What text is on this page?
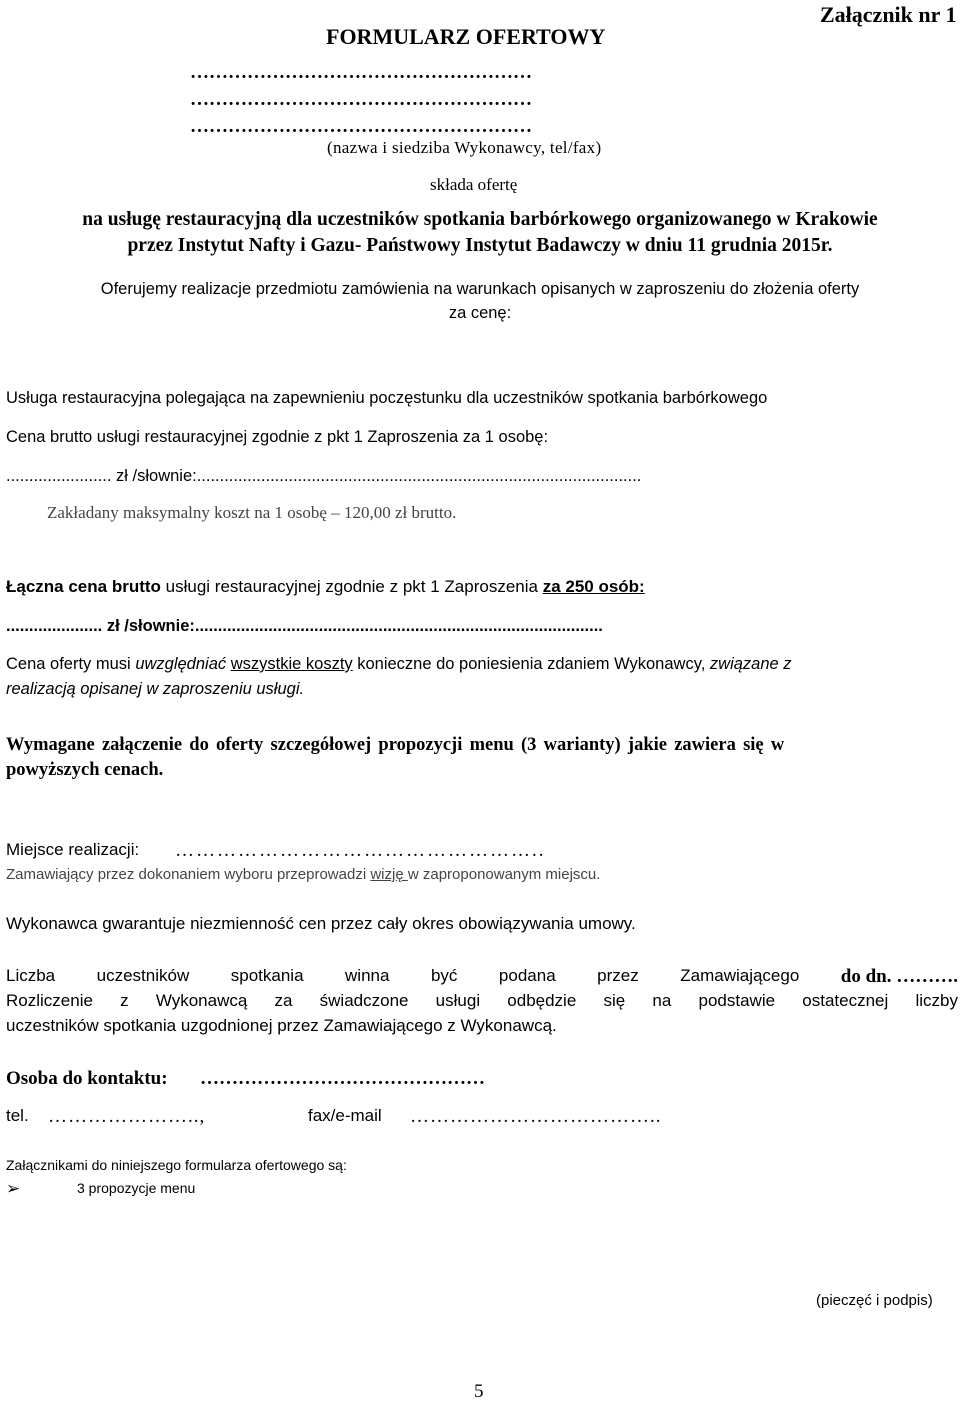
FORMULARZ OFERTOWY
Załącznik nr 1
………………………………………………
………………………………………………
………………………………………………
(nazwa i siedziba Wykonawcy, tel/fax)
składa ofertę
na usługę restauracyjną dla uczestników spotkania barbórkowego organizowanego w Krakowie
przez Instytut Nafty i Gazu- Państwowy Instytut Badawczy w dniu 11 grudnia 2015r.
Oferujemy realizacje przedmiotu zamówienia na warunkach opisanych w zaproszeniu do złożenia oferty
za cenę:
Usługa restauracyjna polegająca na zapewnieniu poczęstunku dla uczestników spotkania barbórkowego
Cena brutto usługi restauracyjnej zgodnie z pkt 1 Zaproszenia za 1 osobę:
....................... zł /słownie:.................................................................................................
Zakładany maksymalny koszt na 1 osobę – 120,00 zł brutto.
Łączna cena brutto usługi restauracyjnej zgodnie z pkt 1 Zaproszenia za 250 osób:
..................... zł /słownie:.........................................................................................
Cena oferty musi uwzględniać wszystkie koszty konieczne do poniesienia zdaniem Wykonawcy, związane z
realizacją opisanej w zaproszeniu usługi.
Wymagane załączenie do oferty szczegółowej propozycji menu (3 warianty) jakie zawiera się w
powyższych cenach.
Miejsce realizacji: ……………………………………………..
Zamawiający przez dokonaniem wyboru przeprowadzi wizję w zaproponowanym miejscu.
Wykonawca gwarantuje niezmienność cen przez cały okres obowiązywania umowy.
Liczba uczestników spotkania winna być podana przez Zamawiającego do dn. ……….
Rozliczenie z Wykonawcą za świadczone usługi odbędzie się na podstawie ostatecznej liczby
uczestników spotkania uzgodnionej przez Zamawiającego z Wykonawcą.
Osoba do kontaktu: ………………………………………
tel. …………………..,	fax/e-mail ………………………………..
Załącznikami do niniejszego formularza ofertowego są:
➢	3 propozycje menu
(pieczęć i podpis)
5
